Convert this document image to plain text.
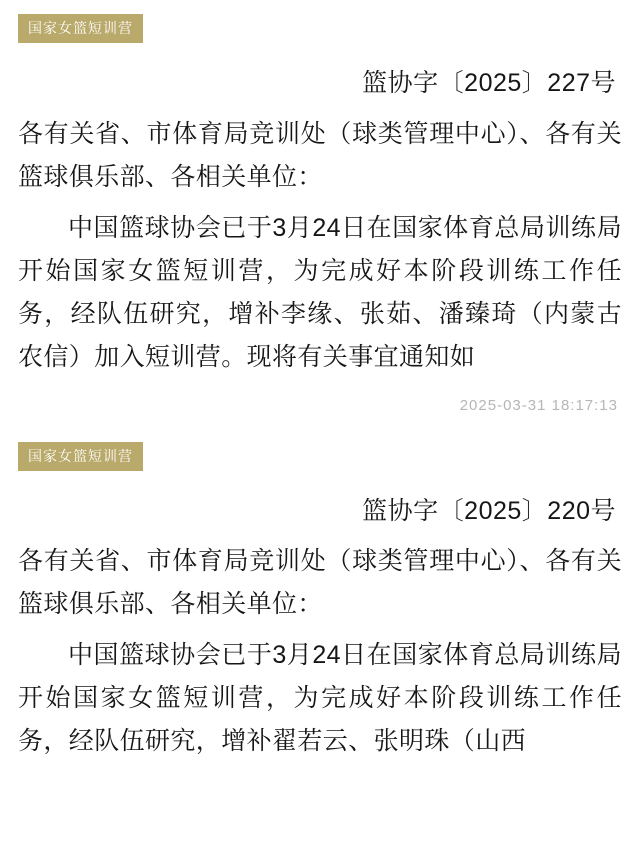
国家女篮短训营
篮协字〔2025〕227号
各有关省、市体育局竞训处（球类管理中心）、各有关篮球俱乐部、各相关单位：
中国篮球协会已于3月24日在国家体育总局训练局开始国家女篮短训营，为完成好本阶段训练工作任务，经队伍研究，增补李缘、张茹、潘臻琦（内蒙古农信）加入短训营。现将有关事宜通知如
2025-03-31 18:17:13
国家女篮短训营
篮协字〔2025〕220号
各有关省、市体育局竞训处（球类管理中心）、各有关篮球俱乐部、各相关单位：
中国篮球协会已于3月24日在国家体育总局训练局开始国家女篮短训营，为完成好本阶段训练工作任务，经队伍研究，增补翟若云、张明珠（山西
